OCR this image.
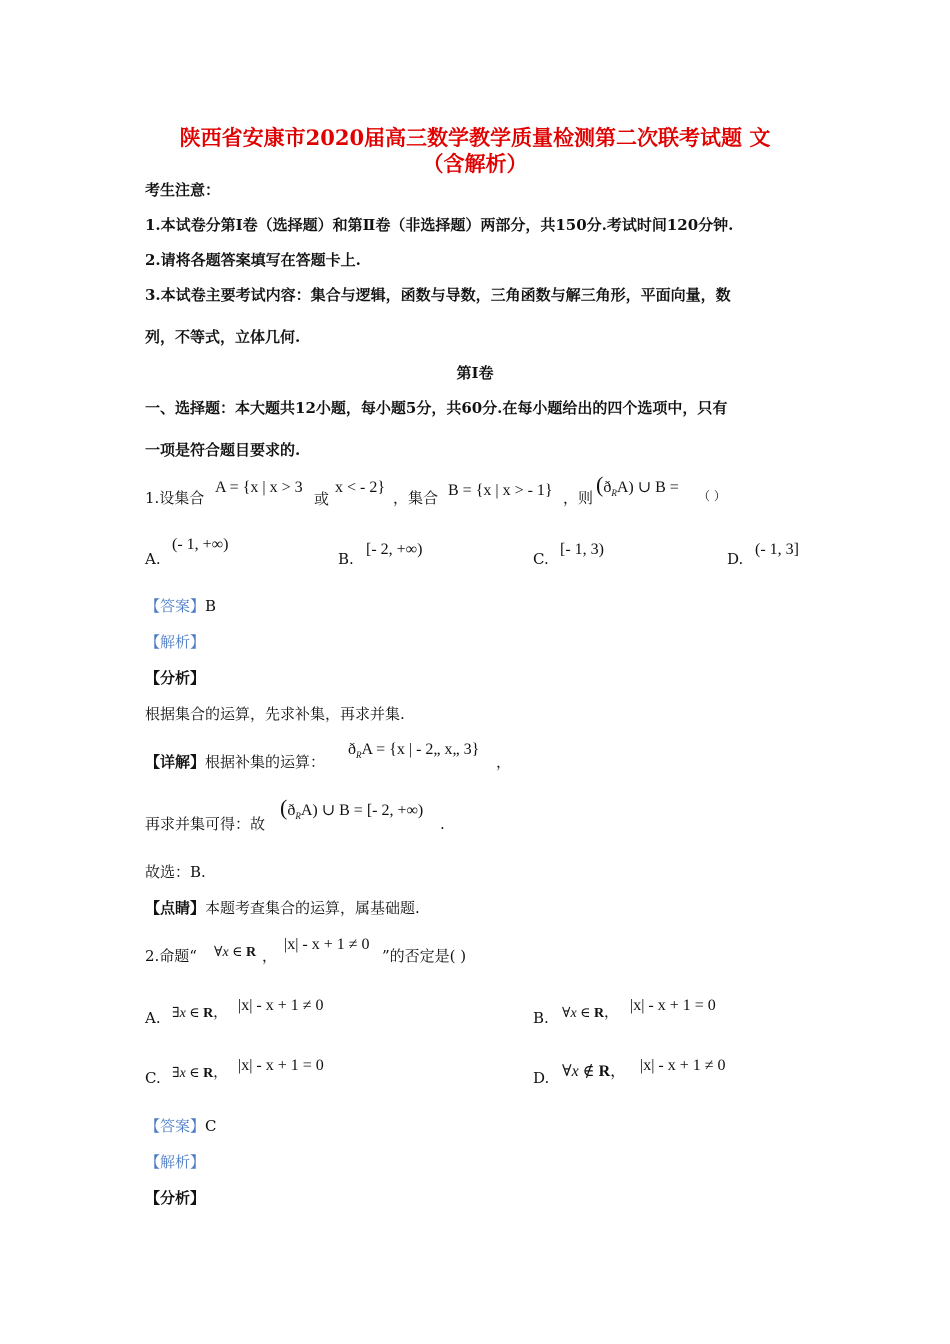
陕西省安康市2020届高三数学教学质量检测第二次联考试题 文
（含解析）
考生注意：
1.本试卷分第Ⅰ卷（选择题）和第Ⅱ卷（非选择题）两部分，共150分.考试时间120分钟.
2.请将各题答案填写在答题卡上.
3.本试卷主要考试内容：集合与逻辑，函数与导数，三角函数与解三角形，平面向量，数
列，不等式，立体几何.
第Ⅰ卷
一、选择题：本大题共12小题，每小题5分，共60分.在每小题给出的四个选项中，只有
一项是符合题目要求的.
1.设集合
A = {x | x > 3
或
x < - 2}
，集合 B = {x | x > - 1} ，则
$(ð_RA)$ ∪ B = （ ）
A.
(- 1, +∞)
B.
[- 2, +∞)
C.
[- 1, 3)
D.
(- 1, 3]
【答案】B
【解析】
【分析】
根据集合的运算，先求补集，再求并集.
【详解】根据补集的运算：
$ð_RA = \{x$ | - 2„ x„ 3}
，
再求并集可得：故
$(ð_RA)$ ∪ B = [- 2, +∞)
.
故选：B.
【点睛】本题考查集合的运算，属基础题.
2.命题“ ∀x ∈ R ，
|x| - x + 1 ≠ 0
”的否定是( )
A. ∃x ∈ R， |x| - x + 1 ≠ 0
B. ∀x ∈ R， |x| - x + 1 = 0
C. ∃x ∈ R， |x| - x + 1 = 0
D. ∀x ∉ R， |x| - x + 1 ≠ 0
【答案】C
【解析】
【分析】
